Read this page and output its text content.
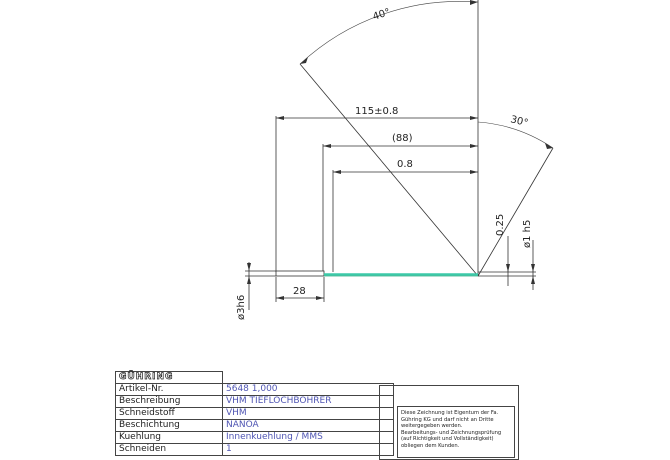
40°
30°
115±0.8
(88)
0.8
28
ø3h6
0.25 ø1 h5
GÜHRING	
Artikel-Nr.	5648 1,000
Beschreibung	VHM TIEFLOCHBOHRER
Schneidstoff	VHM
Beschichtung	NANOA
Kuehlung	Innenkuehlung / MMS
Schneiden	1
Diese Zeichnung ist Eigentum der Fa.
Gühring KG und darf nicht an Dritte
weitergegeben werden.
Bearbeitungs- und Zeichnungsprüfung
(auf Richtigkeit und Vollständigkeit)
obliegen dem Kunden.
